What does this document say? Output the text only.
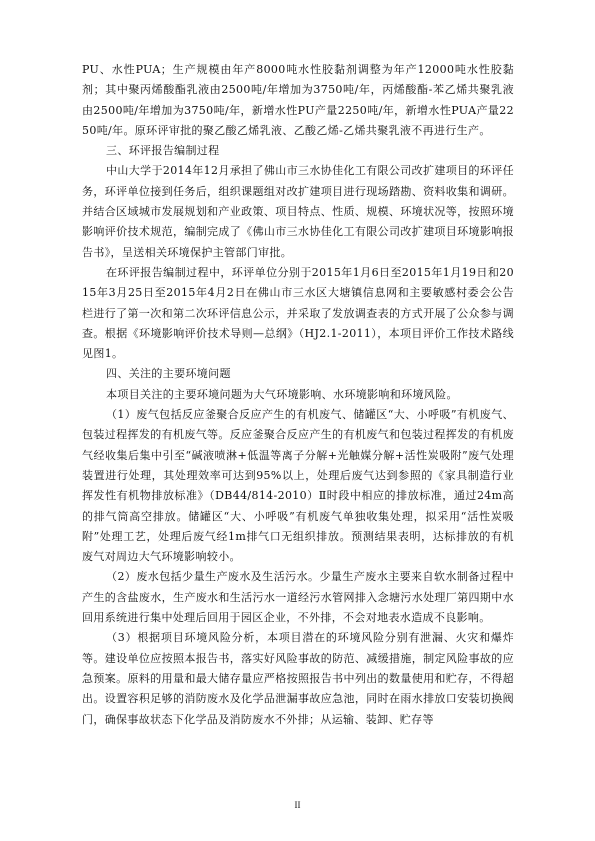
PU、水性PUA；生产规模由年产8000吨水性胶黏剂调整为年产12000吨水性胶黏剂；其中聚丙烯酸酯乳液由2500吨/年增加为3750吨/年，丙烯酸酯-苯乙烯共聚乳液由2500吨/年增加为3750吨/年，新增水性PU产量2250吨/年，新增水性PUA产量2250吨/年。原环评审批的聚乙酸乙烯乳液、乙酸乙烯-乙烯共聚乳液不再进行生产。

三、环评报告编制过程

中山大学于2014年12月承担了佛山市三水协佳化工有限公司改扩建项目的环评任务，环评单位接到任务后，组织课题组对改扩建项目进行现场踏勘、资料收集和调研。并结合区域城市发展规划和产业政策、项目特点、性质、规模、环境状况等，按照环境影响评价技术规范，编制完成了《佛山市三水协佳化工有限公司改扩建项目环境影响报告书》，呈送相关环境保护主管部门审批。

在环评报告编制过程中，环评单位分别于2015年1月6日至2015年1月19日和2015年3月25日至2015年4月2日在佛山市三水区大塘镇信息网和主要敏感村委会公告栏进行了第一次和第二次环评信息公示，并采取了发放调查表的方式开展了公众参与调查。根据《环境影响评价技术导则—总纲》（HJ2.1-2011），本项目评价工作技术路线见图1。

四、关注的主要环境问题

本项目关注的主要环境问题为大气环境影响、水环境影响和环境风险。

（1）废气包括反应釜聚合反应产生的有机废气、储罐区“大、小呼吸”有机废气、包装过程挥发的有机废气等。反应釜聚合反应产生的有机废气和包装过程挥发的有机废气经收集后集中引至“碱液喷淋+低温等离子分解+光触媒分解+活性炭吸附”废气处理装置进行处理，其处理效率可达到95%以上，处理后废气达到参照的《家具制造行业挥发性有机物排放标准》（DB44/814-2010）Ⅱ时段中相应的排放标准，通过24m高的排气筒高空排放。储罐区“大、小呼吸”有机废气单独收集处理，拟采用“活性炭吸附”处理工艺，处理后废气经1m排气口无组织排放。预测结果表明，达标排放的有机废气对周边大气环境影响较小。

（2）废水包括少量生产废水及生活污水。少量生产废水主要来自软水制备过程中产生的含盐废水，生产废水和生活污水一道经污水管网排入念塘污水处理厂第四期中水回用系统进行集中处理后回用于园区企业，不外排，不会对地表水造成不良影响。

（3）根据项目环境风险分析，本项目潜在的环境风险分别有泄漏、火灾和爆炸等。建设单位应按照本报告书，落实好风险事故的防范、减缓措施，制定风险事故的应急预案。原料的用量和最大储存量应严格按照报告书中列出的数量使用和贮存，不得超出。设置容积足够的消防废水及化学品泄漏事故应急池，同时在雨水排放口安装切换阀门，确保事故状态下化学品及消防废水不外排；从运输、装卸、贮存等

II
